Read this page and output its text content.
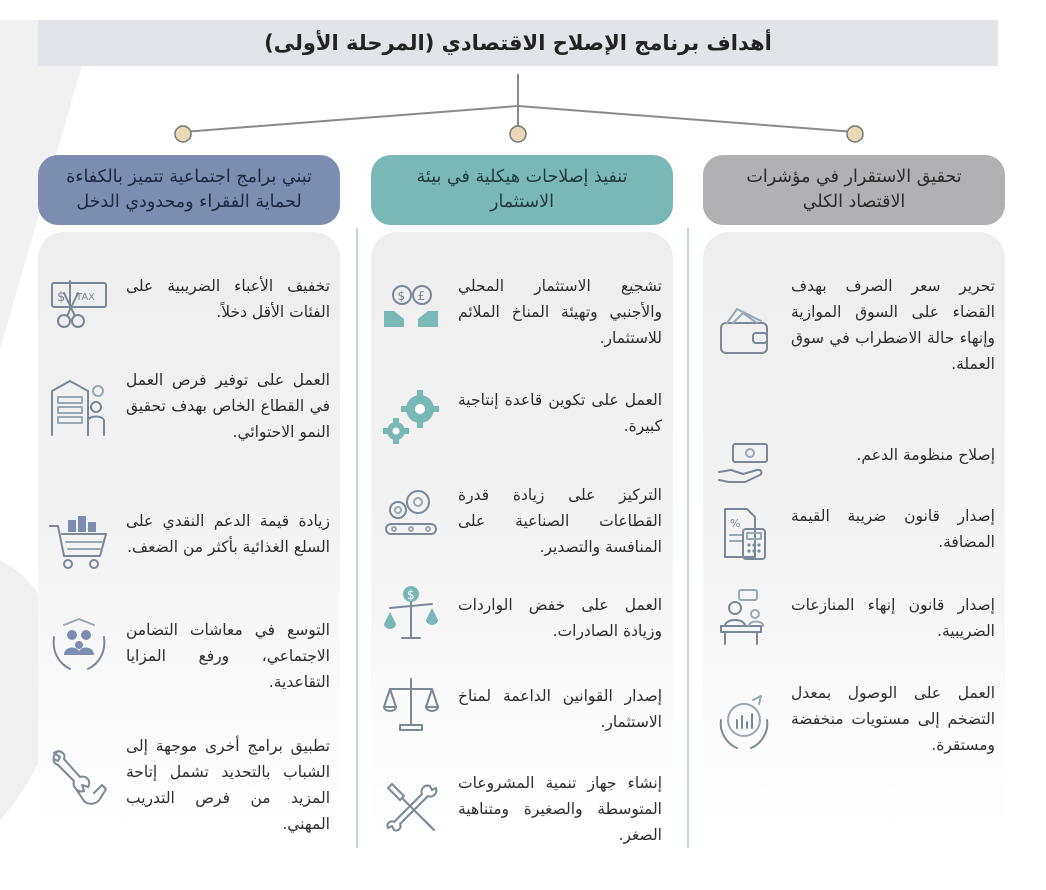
أهداف برنامج الإصلاح الاقتصادي (المرحلة الأولى)
تحقيق الاستقرار في مؤشرات الاقتصاد الكلي
تنفيذ إصلاحات هيكلية في بيئة الاستثمار
تبني برامج اجتماعية تتميز بالكفاءة لحماية الفقراء ومحدودي الدخل
تحرير سعر الصرف بهدف القضاء على السوق الموازية وإنهاء حالة الاضطراب في سوق العملة.
إصلاح منظومة الدعم.
%	إصدار قانون ضريبة القيمة المضافة.
إصدار قانون إنهاء المنازعات الضريبية.
العمل على الوصول بمعدل التضخم إلى مستويات منخفضة ومستقرة.
$ £
تشجيع الاستثمار المحلي والأجنبي وتهيئة المناخ الملائم للاستثمار.
العمل على تكوين قاعدة إنتاجية كبيرة.
التركيز على زيادة قدرة القطاعات الصناعية على المنافسة والتصدير.
$
العمل على خفض الواردات وزيادة الصادرات.
إصدار القوانين الداعمة لمناخ الاستثمار.
إنشاء جهاز تنمية المشروعات المتوسطة والصغيرة ومتناهية الصغر.
$ TAX
تخفيف الأعباء الضريبية على الفئات الأقل دخلاً.
العمل على توفير فرص العمل في القطاع الخاص بهدف تحقيق النمو الاحتوائي.
زيادة قيمة الدعم النقدي على السلع الغذائية بأكثر من الضعف.
التوسع في معاشات التضامن الاجتماعي، ورفع المزايا التقاعدية.
تطبيق برامج أخرى موجهة إلى الشباب بالتحديد تشمل إتاحة المزيد من فرص التدريب المهني.
